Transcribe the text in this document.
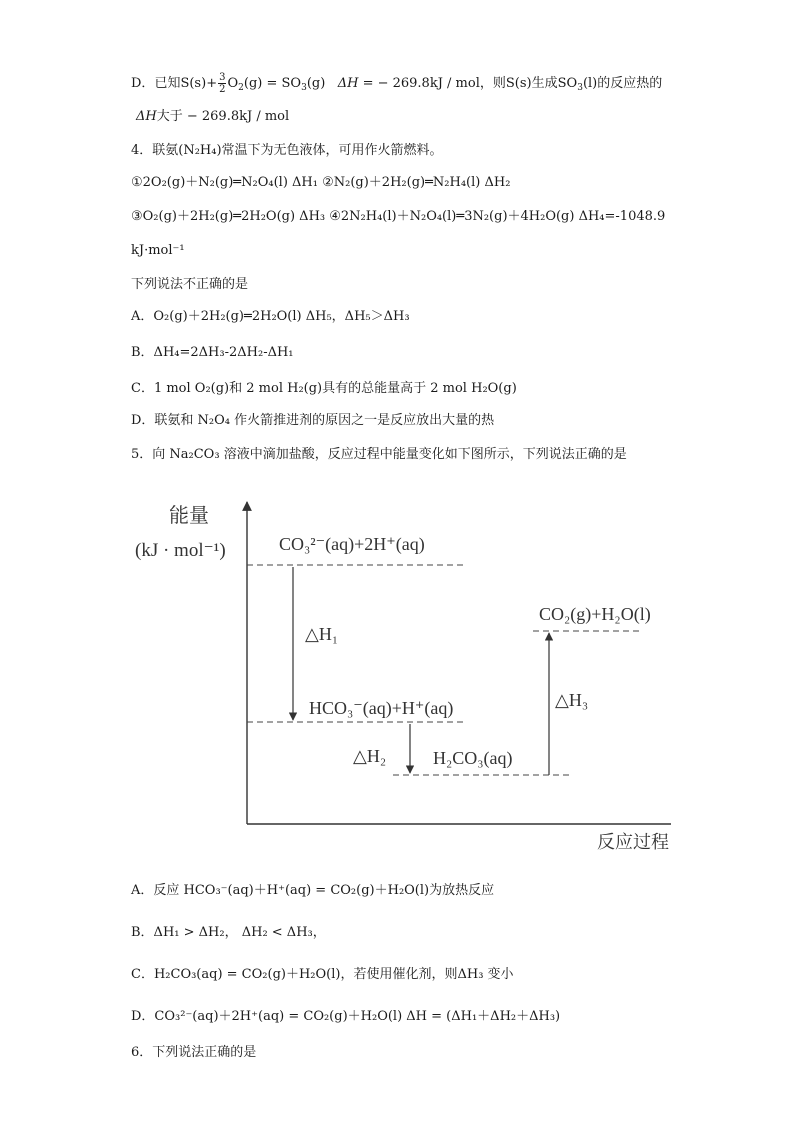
D．已知$S(s)+ \frac{3}{2} O_2(g) = SO_3(g) \Delta H$ = − 269.8kJ / mol，则S(s)生成$SO_3(l)$的反应热的
ΔH大于 − 269.8kJ / mol
4．联氨(N₂H₄)常温下为无色液体，可用作火箭燃料。
①2O₂(g)＋N₂(g)═N₂O₄(l) ΔH₁ ②N₂(g)＋2H₂(g)═N₂H₄(l) ΔH₂
③O₂(g)＋2H₂(g)═2H₂O(g) ΔH₃ ④2N₂H₄(l)＋N₂O₄(l)═3N₂(g)＋4H₂O(g) ΔH₄=-1048.9
kJ·mol⁻¹
下列说法不正确的是
A．O₂(g)＋2H₂(g)═2H₂O(l) ΔH₅，ΔH₅＞ΔH₃
B．ΔH₄=2ΔH₃-2ΔH₂-ΔH₁
C．1 mol O₂(g)和 2 mol H₂(g)具有的总能量高于 2 mol H₂O(g)
D．联氨和 N₂O₄ 作火箭推进剂的原因之一是反应放出大量的热
5．向 Na₂CO₃ 溶液中滴加盐酸，反应过程中能量变化如下图所示，下列说法正确的是
能量
(kJ · mol⁻¹)
反应过程
CO₃²⁻(aq)+2H⁺(aq)
HCO₃⁻(aq)+H⁺(aq)
H₂CO₃(aq)
CO₂(g)+H₂O(l)
△H₁
△H₂
△H₃
A．反应 HCO₃⁻(aq)＋H⁺(aq) = CO₂(g)＋H₂O(l)为放热反应
B．ΔH₁ > ΔH₂， ΔH₂ < ΔH₃，
C．H₂CO₃(aq) = CO₂(g)＋H₂O(l)，若使用催化剂，则ΔH₃ 变小
D．CO₃²⁻(aq)＋2H⁺(aq) = CO₂(g)＋H₂O(l) ΔH = (ΔH₁＋ΔH₂＋ΔH₃)
6．下列说法正确的是
